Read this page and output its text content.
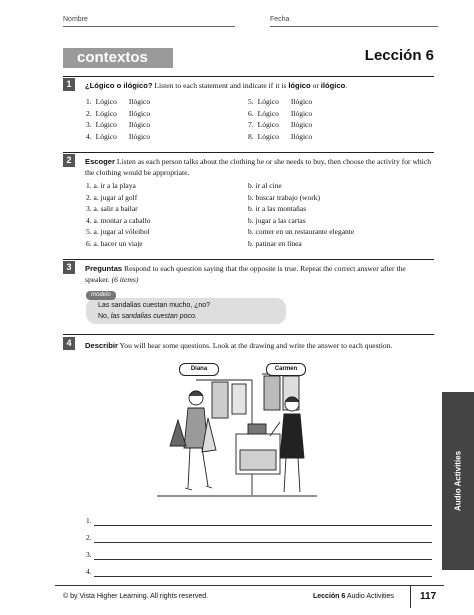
Nombre	Fecha
contextos	Lección 6
1	¿Lógico o ilógico? Listen to each statement and indicate if it is lógico or ilógico.
1. Lógico Ilógico
2. Lógico Ilógico
3. Lógico Ilógico
4. Lógico Ilógico
5. Lógico Ilógico
6. Lógico Ilógico
7. Lógico Ilógico
8. Lógico Ilógico
2	Escoger Listen as each person talks about the clothing he or she needs to buy, then choose the activity for which the clothing would be appropriate.
1. a. ir a la playa	b. ir al cine
2. a. jugar al golf	b. buscar trabajo (work)
3. a. salir a bailar	b. ir a las montañas
4. a. montar a caballo	b. jugar a las cartas
5. a. jugar al vóleibol	b. comer en un restaurante elegante
6. a. hacer un viaje	b. patinar en línea
3	Preguntas Respond to each question saying that the opposite is true. Repeat the correct answer after the speaker. (6 items)
Las sandalias cuestan mucho, ¿no?
No, las sandalias cuestan poco.
modelo
4	Describir You will hear some questions. Look at the drawing and write the answer to each question.
Diana	Carmen
1.
2.
3.
4.
Audio Activities
© by Vista Higher Learning. All rights reserved.	Lección 6 Audio Activities	117
